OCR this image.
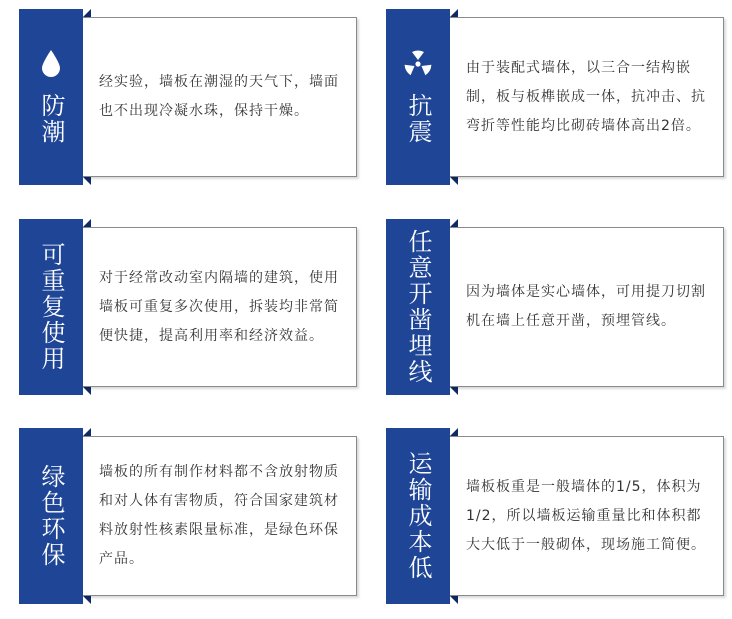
防潮

经实验，墙板在潮湿的天气下，墙面也不出现冷凝水珠，保持干燥。	抗震

由于装配式墙体，以三合一结构嵌制，板与板榫嵌成一体，抗冲击、抗弯折等性能均比砌砖墙体高出2倍。

可重复使用 对于经常改动室内隔墙的建筑，使用墙板可重复多次使用，拆装均非常简便快捷，提高利用率和经济效益。	任意开凿埋线 因为墙体是实心墙体，可用提刀切割机在墙上任意开凿，预埋管线。

绿色环保 墙板的所有制作材料都不含放射物质和对人体有害物质，符合国家建筑材料放射性核素限量标准，是绿色环保产品。	运输成本低 墙板板重是一般墙体的1/5，体积为1/2，所以墙板运输重量比和体积都大大低于一般砌体，现场施工简便。
